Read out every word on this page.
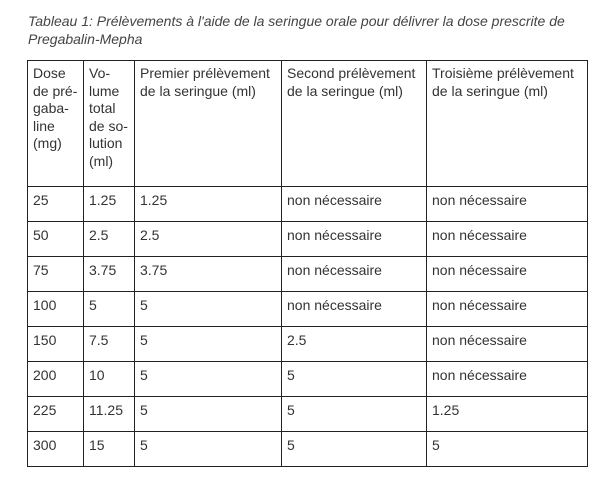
Tableau 1: Prélèvements à l'aide de la seringue orale pour délivrer la dose prescrite de Pregabalin-Mepha
Dose de pré-gaba-line (mg)	Vo-lume total de so-lution (ml)	Premier prélèvement de la seringue (ml)	Second prélèvement de la seringue (ml)	Troisième prélèvement de la seringue (ml)
25	1.25	1.25	non nécessaire	non nécessaire
50	2.5	2.5	non nécessaire	non nécessaire
75	3.75	3.75	non nécessaire	non nécessaire
100	5	5	non nécessaire	non nécessaire
150	7.5	5	2.5	non nécessaire
200	10	5	5	non nécessaire
225	11.25	5	5	1.25
300	15	5	5	5
